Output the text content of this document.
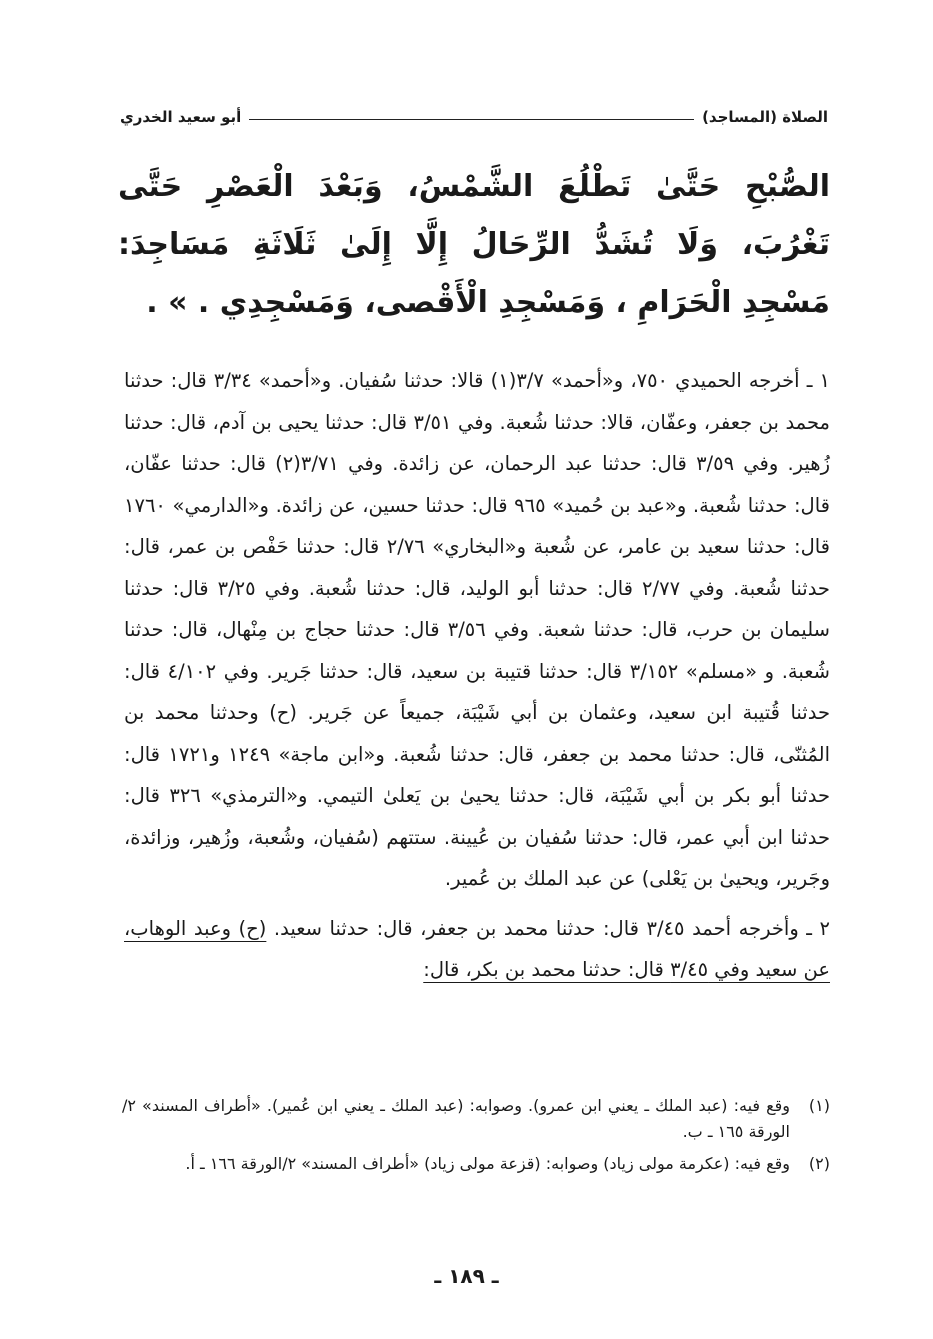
الصلاة (المساجد)
أبو سعيد الخدري
الصُّبْحِ حَتَّىٰ تَطْلُعَ الشَّمْسُ، وَبَعْدَ الْعَصْرِ حَتَّى تَغْرُبَ، وَلَا تُشَدُّ الرِّحَالُ إِلَّا إِلَىٰ ثَلَاثَةِ مَسَاجِدَ: مَسْجِدِ الْحَرَامِ ، وَمَسْجِدِ الْأَقْصى، وَمَسْجِدِي . » .

١ ـ أخرجه الحميدي ٧٥٠، و«أحمد» ٣/٧(١) قالا: حدثنا سُفيان. و«أحمد» ٣/٣٤ قال: حدثنا محمد بن جعفر، وعفّان، قالا: حدثنا شُعبة. وفي ٣/٥١ قال: حدثنا يحيى بن آدم، قال: حدثنا زُهير. وفي ٣/٥٩ قال: حدثنا عبد الرحمان، عن زائدة. وفي ٣/٧١(٢) قال: حدثنا عفّان، قال: حدثنا شُعبة. و«عبد بن حُميد» ٩٦٥ قال: حدثنا حسين، عن زائدة. و«الدارمي» ١٧٦٠ قال: حدثنا سعيد بن عامر، عن شُعبة و«البخاري» ٢/٧٦ قال: حدثنا حَفْص بن عمر، قال: حدثنا شُعبة. وفي ٢/٧٧ قال: حدثنا أبو الوليد، قال: حدثنا شُعبة. وفي ٣/٢٥ قال: حدثنا سليمان بن حرب، قال: حدثنا شعبة. وفي ٣/٥٦ قال: حدثنا حجاج بن مِنْهال، قال: حدثنا شُعبة. و «مسلم» ٣/١٥٢ قال: حدثنا قتيبة بن سعيد، قال: حدثنا جَرير. وفي ٤/١٠٢ قال: حدثنا قُتيبة ابن سعيد، وعثمان بن أبي شَيْبَة، جميعاً عن جَرير. (ح) وحدثنا محمد بن المُثنّى، قال: حدثنا محمد بن جعفر، قال: حدثنا شُعبة. و«ابن ماجة» ١٢٤٩ و١٧٢١ قال: حدثنا أبو بكر بن أبي شَيْبَة، قال: حدثنا يحيىٰ بن يَعلىٰ التيمي. و«الترمذي» ٣٢٦ قال: حدثنا ابن أبي عمر، قال: حدثنا سُفيان بن عُيينة. ستتهم (سُفيان، وشُعبة، وزُهير، وزائدة، وجَرير، ويحيىٰ بن يَعْلى) عن عبد الملك بن عُمير.

٢ ـ وأخرجه أحمد ٣/٤٥ قال: حدثنا محمد بن جعفر، قال: حدثنا سعيد. (ح) وعبد الوهاب، عن سعيد وفي ٣/٤٥ قال: حدثنا محمد بن بكر، قال:

(١)
وقع فيه: (عبد الملك ـ يعني ابن عمرو). وصوابه: (عبد الملك ـ يعني ابن عُمير). «أطراف المسند» ٢/الورقة ١٦٥ ـ ب.
(٢)
وقع فيه: (عكرمة مولى زياد) وصوابه: (قزعة مولى زياد) «أطراف المسند» ٢/الورقة ١٦٦ ـ أ.
ـ ١٨٩ ـ
